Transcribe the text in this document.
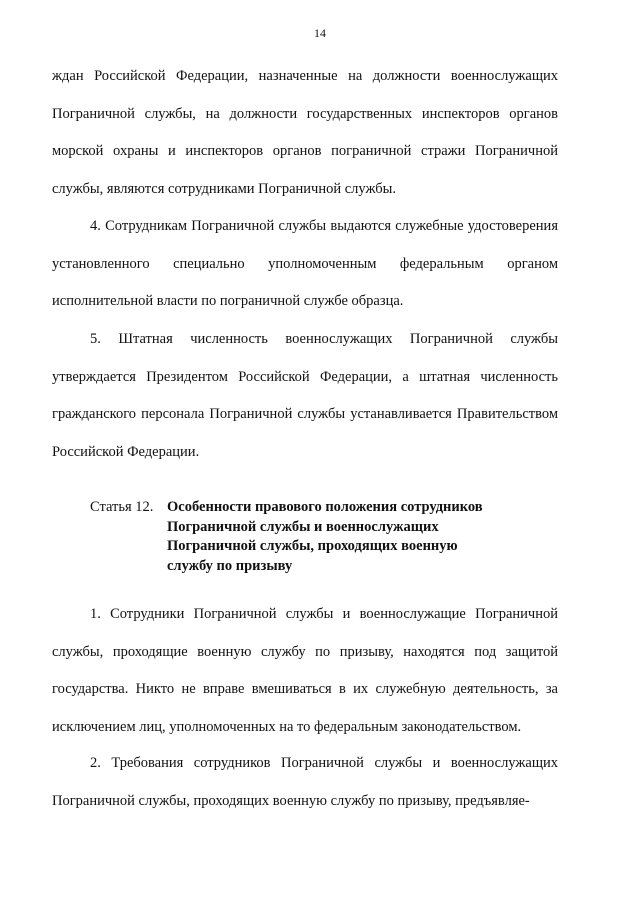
14

ждан Российской Федерации, назначенные на должности военнослужащих Пограничной службы, на должности государственных инспекторов органов морской охраны и инспекторов органов пограничной стражи Пограничной службы, являются сотрудниками Пограничной службы.

4. Сотрудникам Пограничной службы выдаются служебные удостоверения установленного специально уполномоченным федеральным органом исполнительной власти по пограничной службе образца.

5. Штатная численность военнослужащих Пограничной службы утверждается Президентом Российской Федерации, а штатная численность гражданского персонала Пограничной службы устанавливается Правительством Российской Федерации.

Статья 12. Особенности правового положения сотрудников
Пограничной службы и военнослужащих
Пограничной службы, проходящих военную
службу по призыву

1. Сотрудники Пограничной службы и военнослужащие Пограничной службы, проходящие военную службу по призыву, находятся под защитой государства. Никто не вправе вмешиваться в их служебную деятельность, за исключением лиц, уполномоченных на то федеральным законодательством.

2. Требования сотрудников Пограничной службы и военнослужащих Пограничной службы, проходящих военную службу по призыву, предъявляе-
